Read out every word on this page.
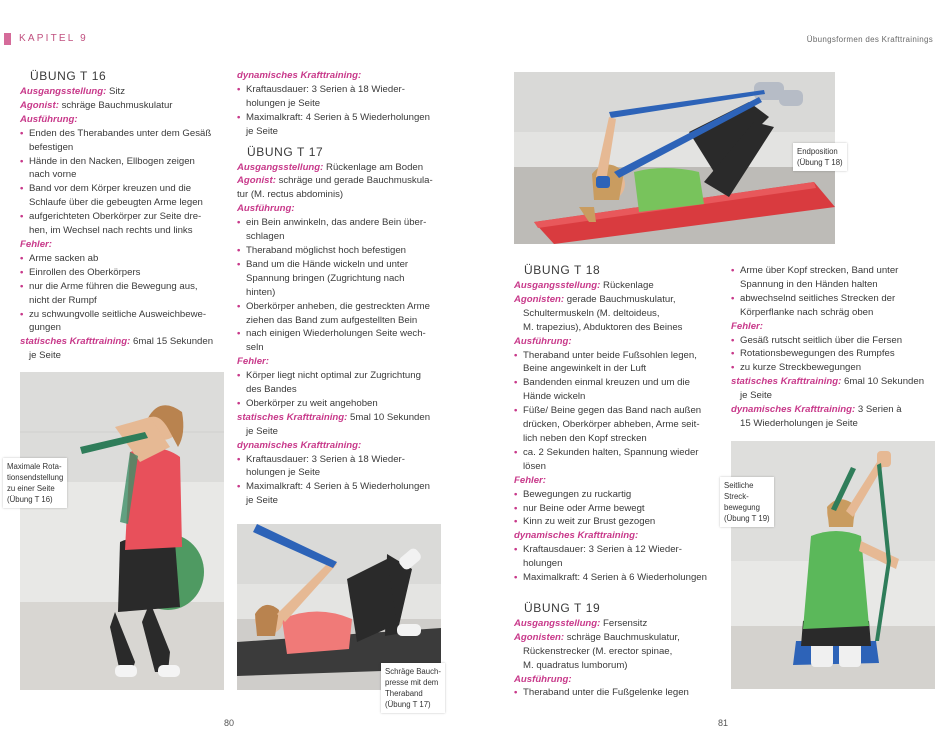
KAPITEL 9	Übungsformen des Krafttrainings
ÜBUNG T 16
Ausgangsstellung: Sitz
Agonist: schräge Bauchmuskulatur
Ausführung:
• Enden des Therabandes unter dem Gesäß
befestigen
• Hände in den Nacken, Ellbogen zeigen
nach vorne
• Band vor dem Körper kreuzen und die
Schlaufe über die gebeugten Arme legen
• aufgerichteten Oberkörper zur Seite dre-
hen, im Wechsel nach rechts und links
Fehler:
• Arme sacken ab
• Einrollen des Oberkörpers
• nur die Arme führen die Bewegung aus,
nicht der Rumpf
• zu schwungvolle seitliche Ausweichbewe-
gungen
statisches Krafttraining: 6mal 15 Sekunden
je Seite
dynamisches Krafttraining:
• Kraftausdauer: 3 Serien à 18 Wieder-
holungen je Seite
• Maximalkraft: 4 Serien à 5 Wiederholungen
je Seite
ÜBUNG T 17
Ausgangsstellung: Rückenlage am Boden
Agonist: schräge und gerade Bauchmuskula-
tur (M. rectus abdominis)
Ausführung:
• ein Bein anwinkeln, das andere Bein über-
schlagen
• Theraband möglichst hoch befestigen
• Band um die Hände wickeln und unter
Spannung bringen (Zugrichtung nach
hinten)
• Oberkörper anheben, die gestreckten Arme
ziehen das Band zum aufgestellten Bein
• nach einigen Wiederholungen Seite wech-
seln
Fehler:
• Körper liegt nicht optimal zur Zugrichtung
des Bandes
• Oberkörper zu weit angehoben
statisches Krafttraining: 5mal 10 Sekunden
je Seite
dynamisches Krafttraining:
• Kraftausdauer: 3 Serien à 18 Wieder-
holungen je Seite
• Maximalkraft: 4 Serien à 5 Wiederholungen
je Seite
ÜBUNG T 18
Ausgangsstellung: Rückenlage
Agonisten: gerade Bauchmuskulatur,
Schultermuskeln (M. deltoideus,
M. trapezius), Abduktoren des Beines
Ausführung:
• Theraband unter beide Fußsohlen legen,
Beine angewinkelt in der Luft
• Bandenden einmal kreuzen und um die
Hände wickeln
• Füße/ Beine gegen das Band nach außen
drücken, Oberkörper abheben, Arme seit-
lich neben den Kopf strecken
• ca. 2 Sekunden halten, Spannung wieder
lösen
Fehler:
• Bewegungen zu ruckartig
• nur Beine oder Arme bewegt
• Kinn zu weit zur Brust gezogen
dynamisches Krafttraining:
• Kraftausdauer: 3 Serien à 12 Wieder-
holungen
• Maximalkraft: 4 Serien à 6 Wiederholungen
ÜBUNG T 19
Ausgangsstellung: Fersensitz
Agonisten: schräge Bauchmuskulatur,
Rückenstrecker (M. erector spinae,
M. quadratus lumborum)
Ausführung:
• Theraband unter die Fußgelenke legen
• Arme über Kopf strecken, Band unter
Spannung in den Händen halten
• abwechselnd seitliches Strecken der
Körperflanke nach schräg oben
Fehler:
• Gesäß rutscht seitlich über die Fersen
• Rotationsbewegungen des Rumpfes
• zu kurze Streckbewegungen
statisches Krafttraining: 6mal 10 Sekunden
je Seite
dynamisches Krafttraining: 3 Serien à
15 Wiederholungen je Seite
Maximale Rota-
tionsendstellung
zu einer Seite
(Übung T 16)
Schräge Bauch-
presse mit dem
Theraband
(Übung T 17)
Endposition
(Übung T 18)
Seitliche
Streck-
bewegung
(Übung T 19)
80	81
